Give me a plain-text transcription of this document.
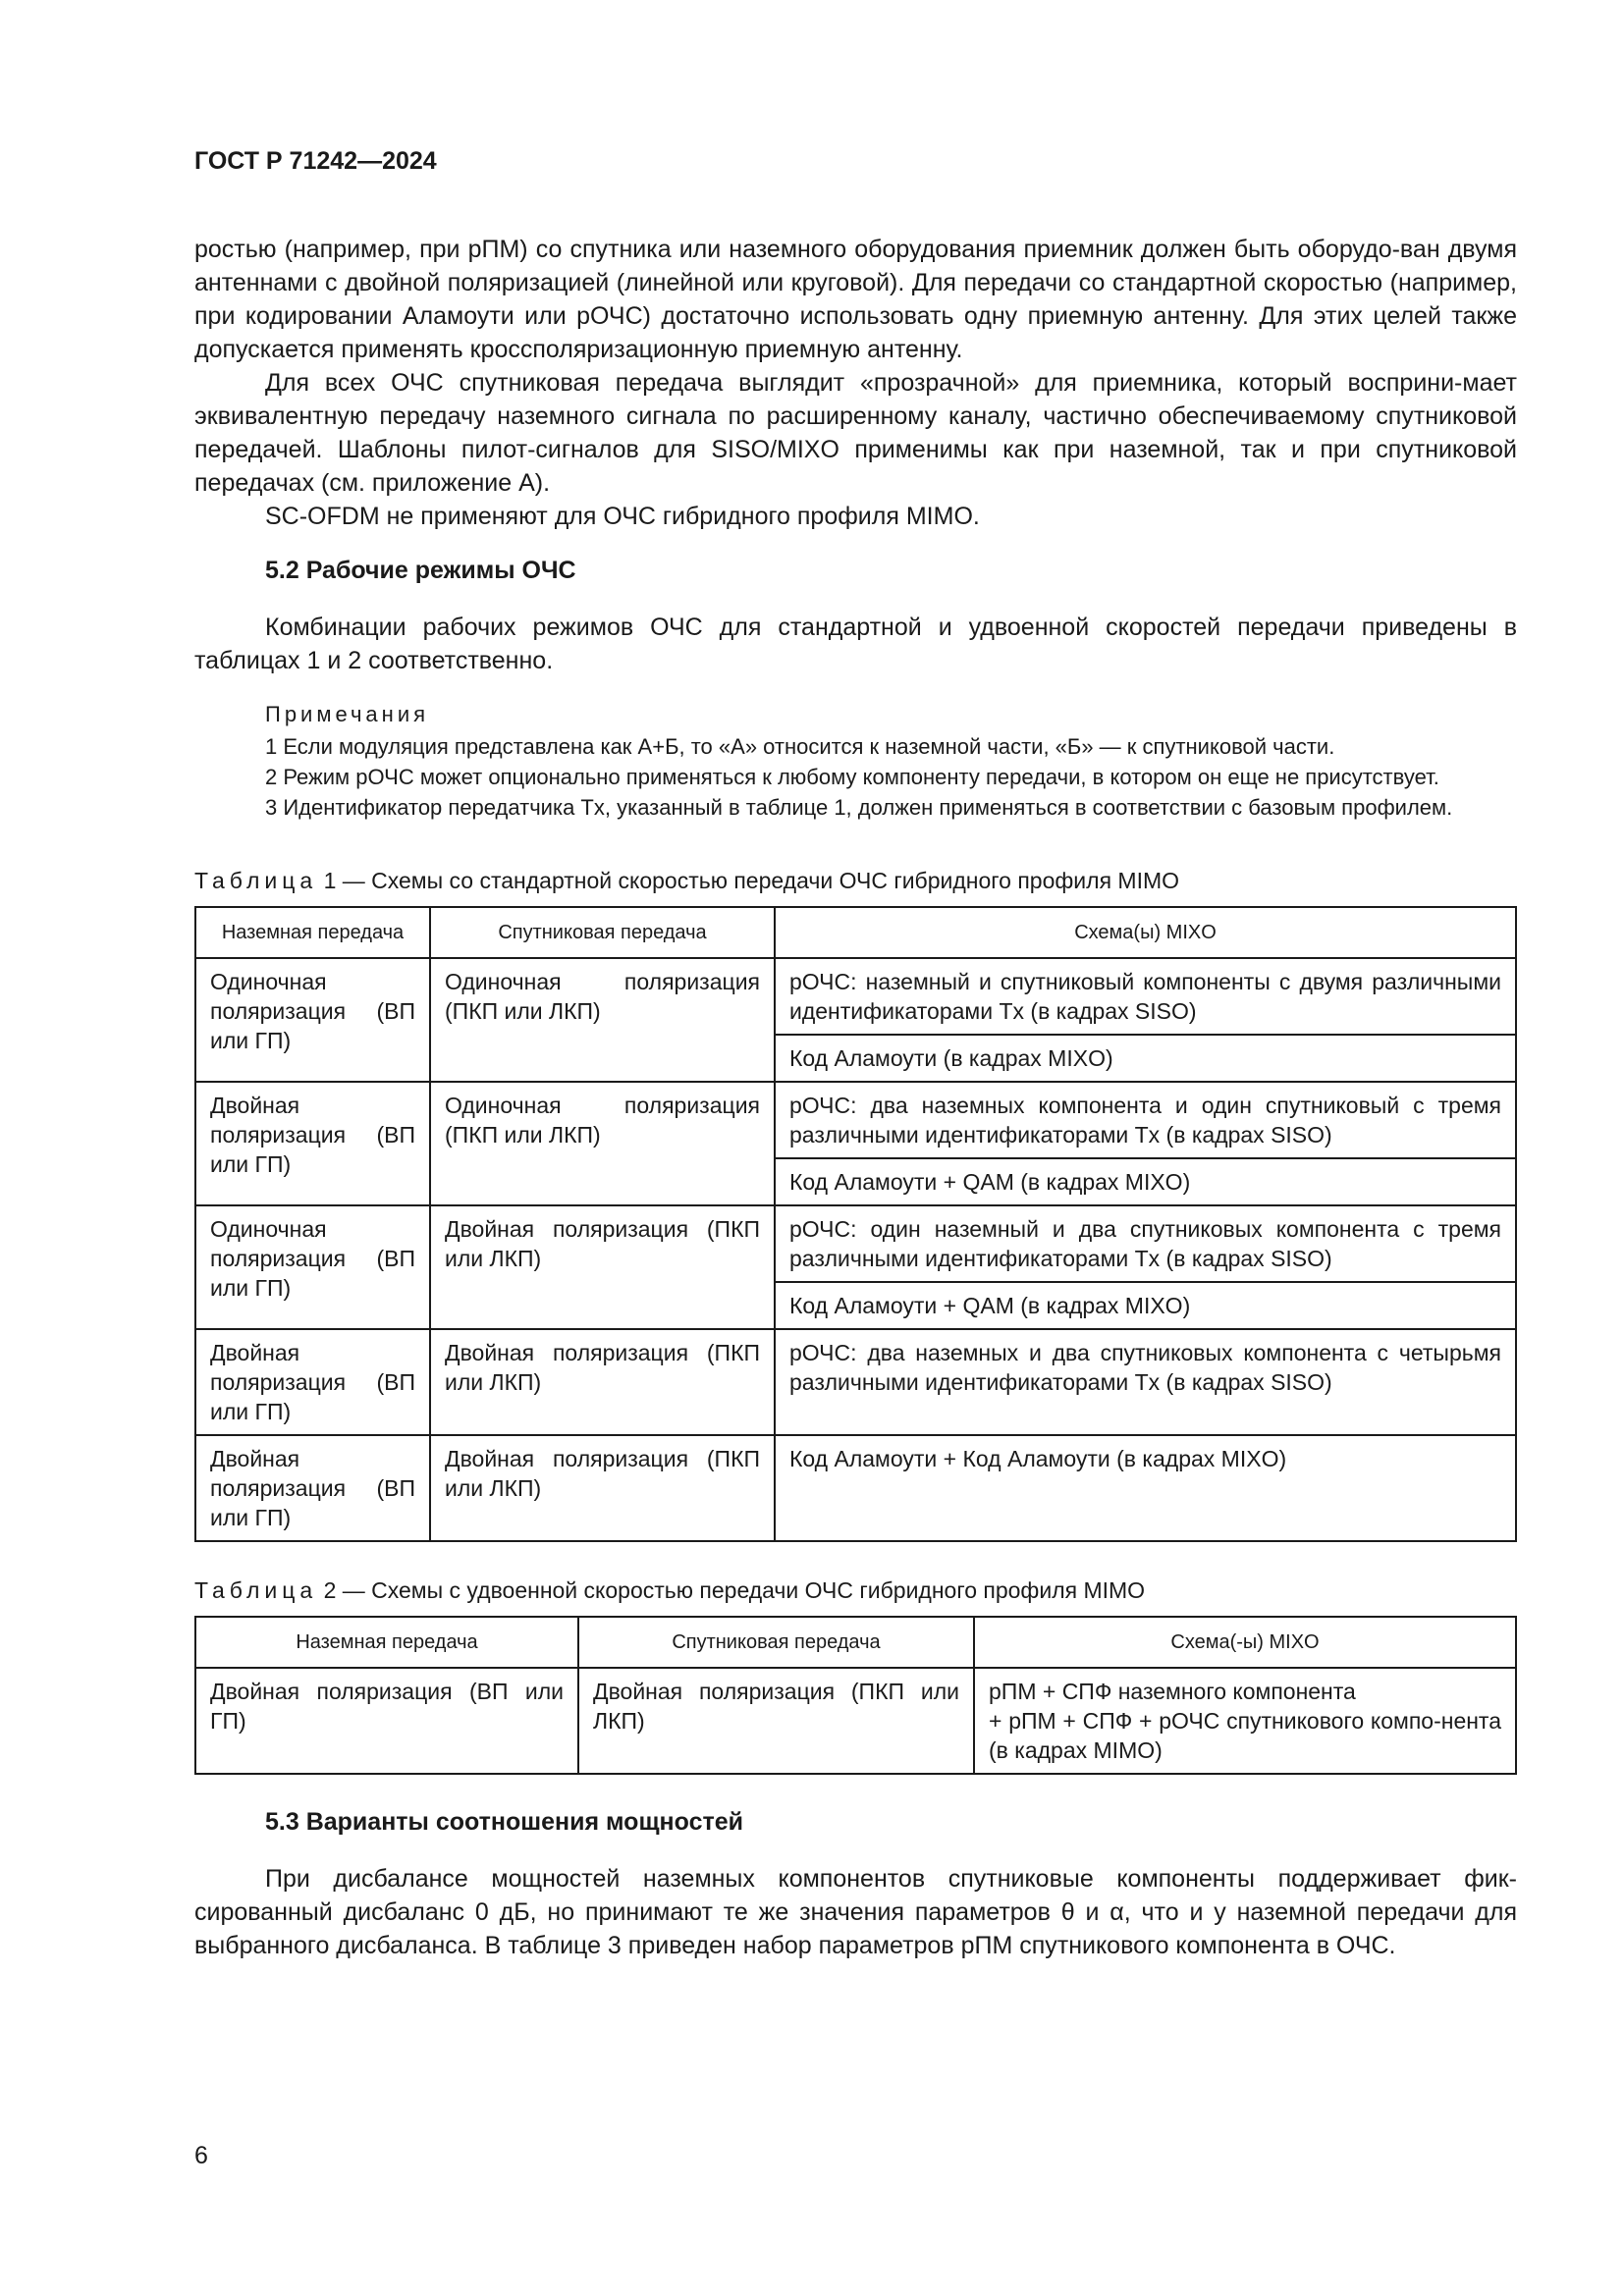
ГОСТ Р 71242—2024

ростью (например, при рПМ) со спутника или наземного оборудования приемник должен быть оборудо-ван двумя антеннами с двойной поляризацией (линейной или круговой). Для передачи со стандартной скоростью (например, при кодировании Аламоути или рОЧС) достаточно использовать одну приемную антенну. Для этих целей также допускается применять кроссполяризационную приемную антенну.

Для всех ОЧС спутниковая передача выглядит «прозрачной» для приемника, который восприни-мает эквивалентную передачу наземного сигнала по расширенному каналу, частично обеспечиваемому спутниковой передачей. Шаблоны пилот-сигналов для SISO/MIXO применимы как при наземной, так и при спутниковой передачах (см. приложение А).

SC-OFDM не применяют для ОЧС гибридного профиля MIMO.

5.2 Рабочие режимы ОЧС

Комбинации рабочих режимов ОЧС для стандартной и удвоенной скоростей передачи приведены в таблицах 1 и 2 соответственно.

Примечания

1 Если модуляция представлена как А+Б, то «А» относится к наземной части, «Б» — к спутниковой части.

2 Режим рОЧС может опционально применяться к любому компоненту передачи, в котором он еще не присутствует.

3 Идентификатор передатчика Tx, указанный в таблице 1, должен применяться в соответствии с базовым профилем.

Таблица 1 — Схемы со стандартной скоростью передачи ОЧС гибридного профиля MIMO
Наземная передача	Спутниковая передача	Схема(ы) MIXO
Одиночная поляризация (ВП или ГП)	Одиночная поляризация (ПКП или ЛКП)	рОЧС: наземный и спутниковый компоненты с двумя различными идентификаторами Tx (в кадрах SISO)
		Код Аламоути (в кадрах MIXO)
Двойная поляризация (ВП или ГП)	Одиночная поляризация (ПКП или ЛКП)	рОЧС: два наземных компонента и один спутниковый с тремя различными идентификаторами Tx (в кадрах SISO)
		Код Аламоути + QAM (в кадрах MIXO)
Одиночная поляризация (ВП или ГП)	Двойная поляризация (ПКП или ЛКП)	рОЧС: один наземный и два спутниковых компонента с тремя различными идентификаторами Tx (в кадрах SISO)
		Код Аламоути + QAM (в кадрах MIXO)
Двойная поляризация (ВП или ГП)	Двойная поляризация (ПКП или ЛКП)	рОЧС: два наземных и два спутниковых компонента с четырьмя различными идентификаторами Tx (в кадрах SISO)
Двойная поляризация (ВП или ГП)	Двойная поляризация (ПКП или ЛКП)	Код Аламоути + Код Аламоути (в кадрах MIXO)
Таблица 2 — Схемы с удвоенной скоростью передачи ОЧС гибридного профиля MIMO
Наземная передача	Спутниковая передача	Схема(-ы) MIXO
Двойная поляризация (ВП или ГП)	Двойная поляризация (ПКП или ЛКП)	рПМ + СПФ наземного компонента
+ рПМ + СПФ + рОЧС спутникового компо-нента (в кадрах MIMO)
5.3 Варианты соотношения мощностей

При дисбалансе мощностей наземных компонентов спутниковые компоненты поддерживает фик-сированный дисбаланс 0 дБ, но принимают те же значения параметров θ и α, что и у наземной передачи для выбранного дисбаланса. В таблице 3 приведен набор параметров рПМ спутникового компонента в ОЧС.

6
